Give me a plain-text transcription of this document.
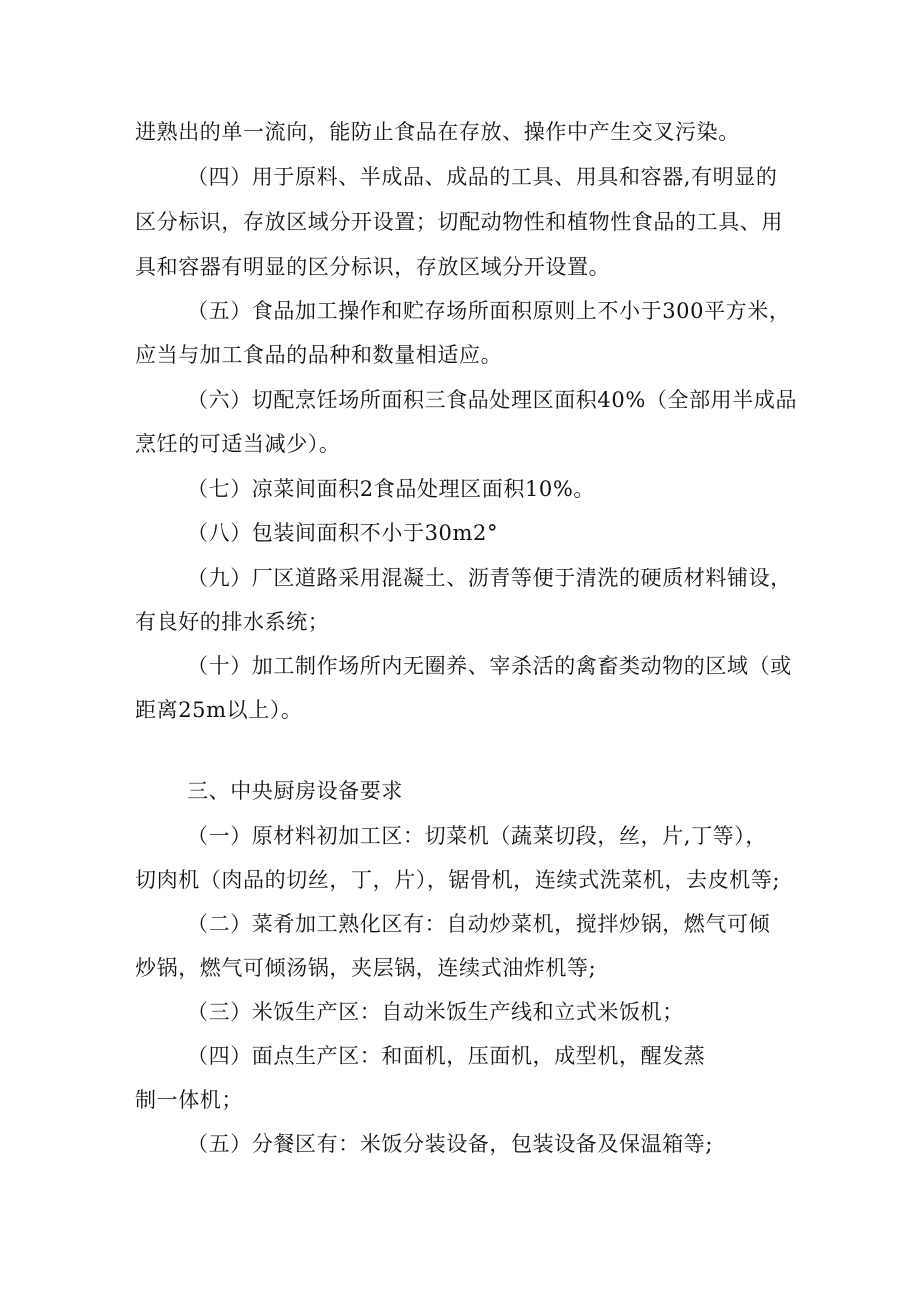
进熟出的单一流向，能防止食品在存放、操作中产生交叉污染。
（四）用于原料、半成品、成品的工具、用具和容器,有明显的
区分标识，存放区域分开设置；切配动物性和植物性食品的工具、用
具和容器有明显的区分标识，存放区域分开设置。
（五）食品加工操作和贮存场所面积原则上不小于300平方米，
应当与加工食品的品种和数量相适应。
（六）切配烹饪场所面积三食品处理区面积40%（全部用半成品
烹饪的可适当减少）。
（七）凉菜间面积2食品处理区面积10%。
（八）包装间面积不小于30m2°
（九）厂区道路采用混凝土、沥青等便于清洗的硬质材料铺设，
有良好的排水系统；
（十）加工制作场所内无圈养、宰杀活的禽畜类动物的区域（或
距离25m以上）。
三、中央厨房设备要求
（一）原材料初加工区：切菜机（蔬菜切段，丝，片,丁等），
切肉机（肉品的切丝，丁，片），锯骨机，连续式洗菜机，去皮机等;
（二）菜肴加工熟化区有：自动炒菜机，搅拌炒锅，燃气可倾
炒锅，燃气可倾汤锅，夹层锅，连续式油炸机等;
（三）米饭生产区：自动米饭生产线和立式米饭机；
（四）面点生产区：和面机，压面机，成型机，醒发蒸
制一体机；
（五）分餐区有：米饭分装设备，包装设备及保温箱等;
